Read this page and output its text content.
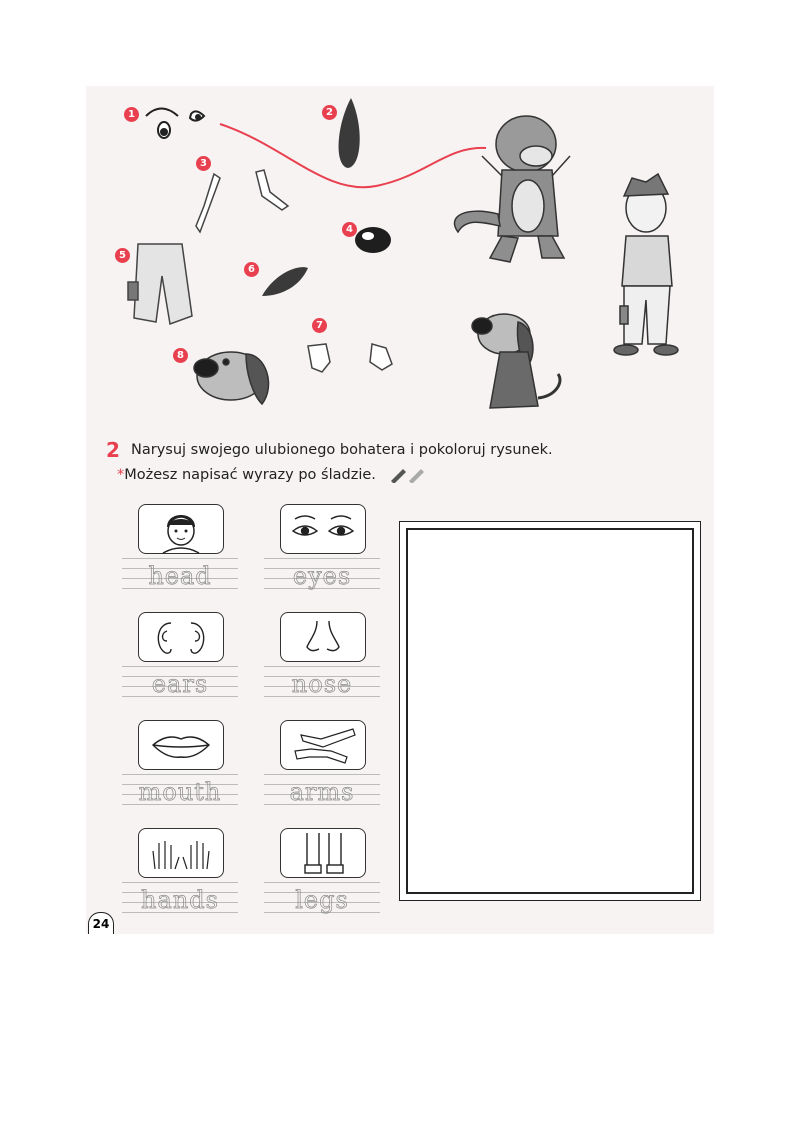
1	2
3
4
5
6
7
8
2 Narysuj swojego ulubionego bohatera i pokoloruj rysunek.
*Możesz napisać wyrazy po śladzie.
head	eyes
ears	nose
mouth	arms
hands	legs
24
